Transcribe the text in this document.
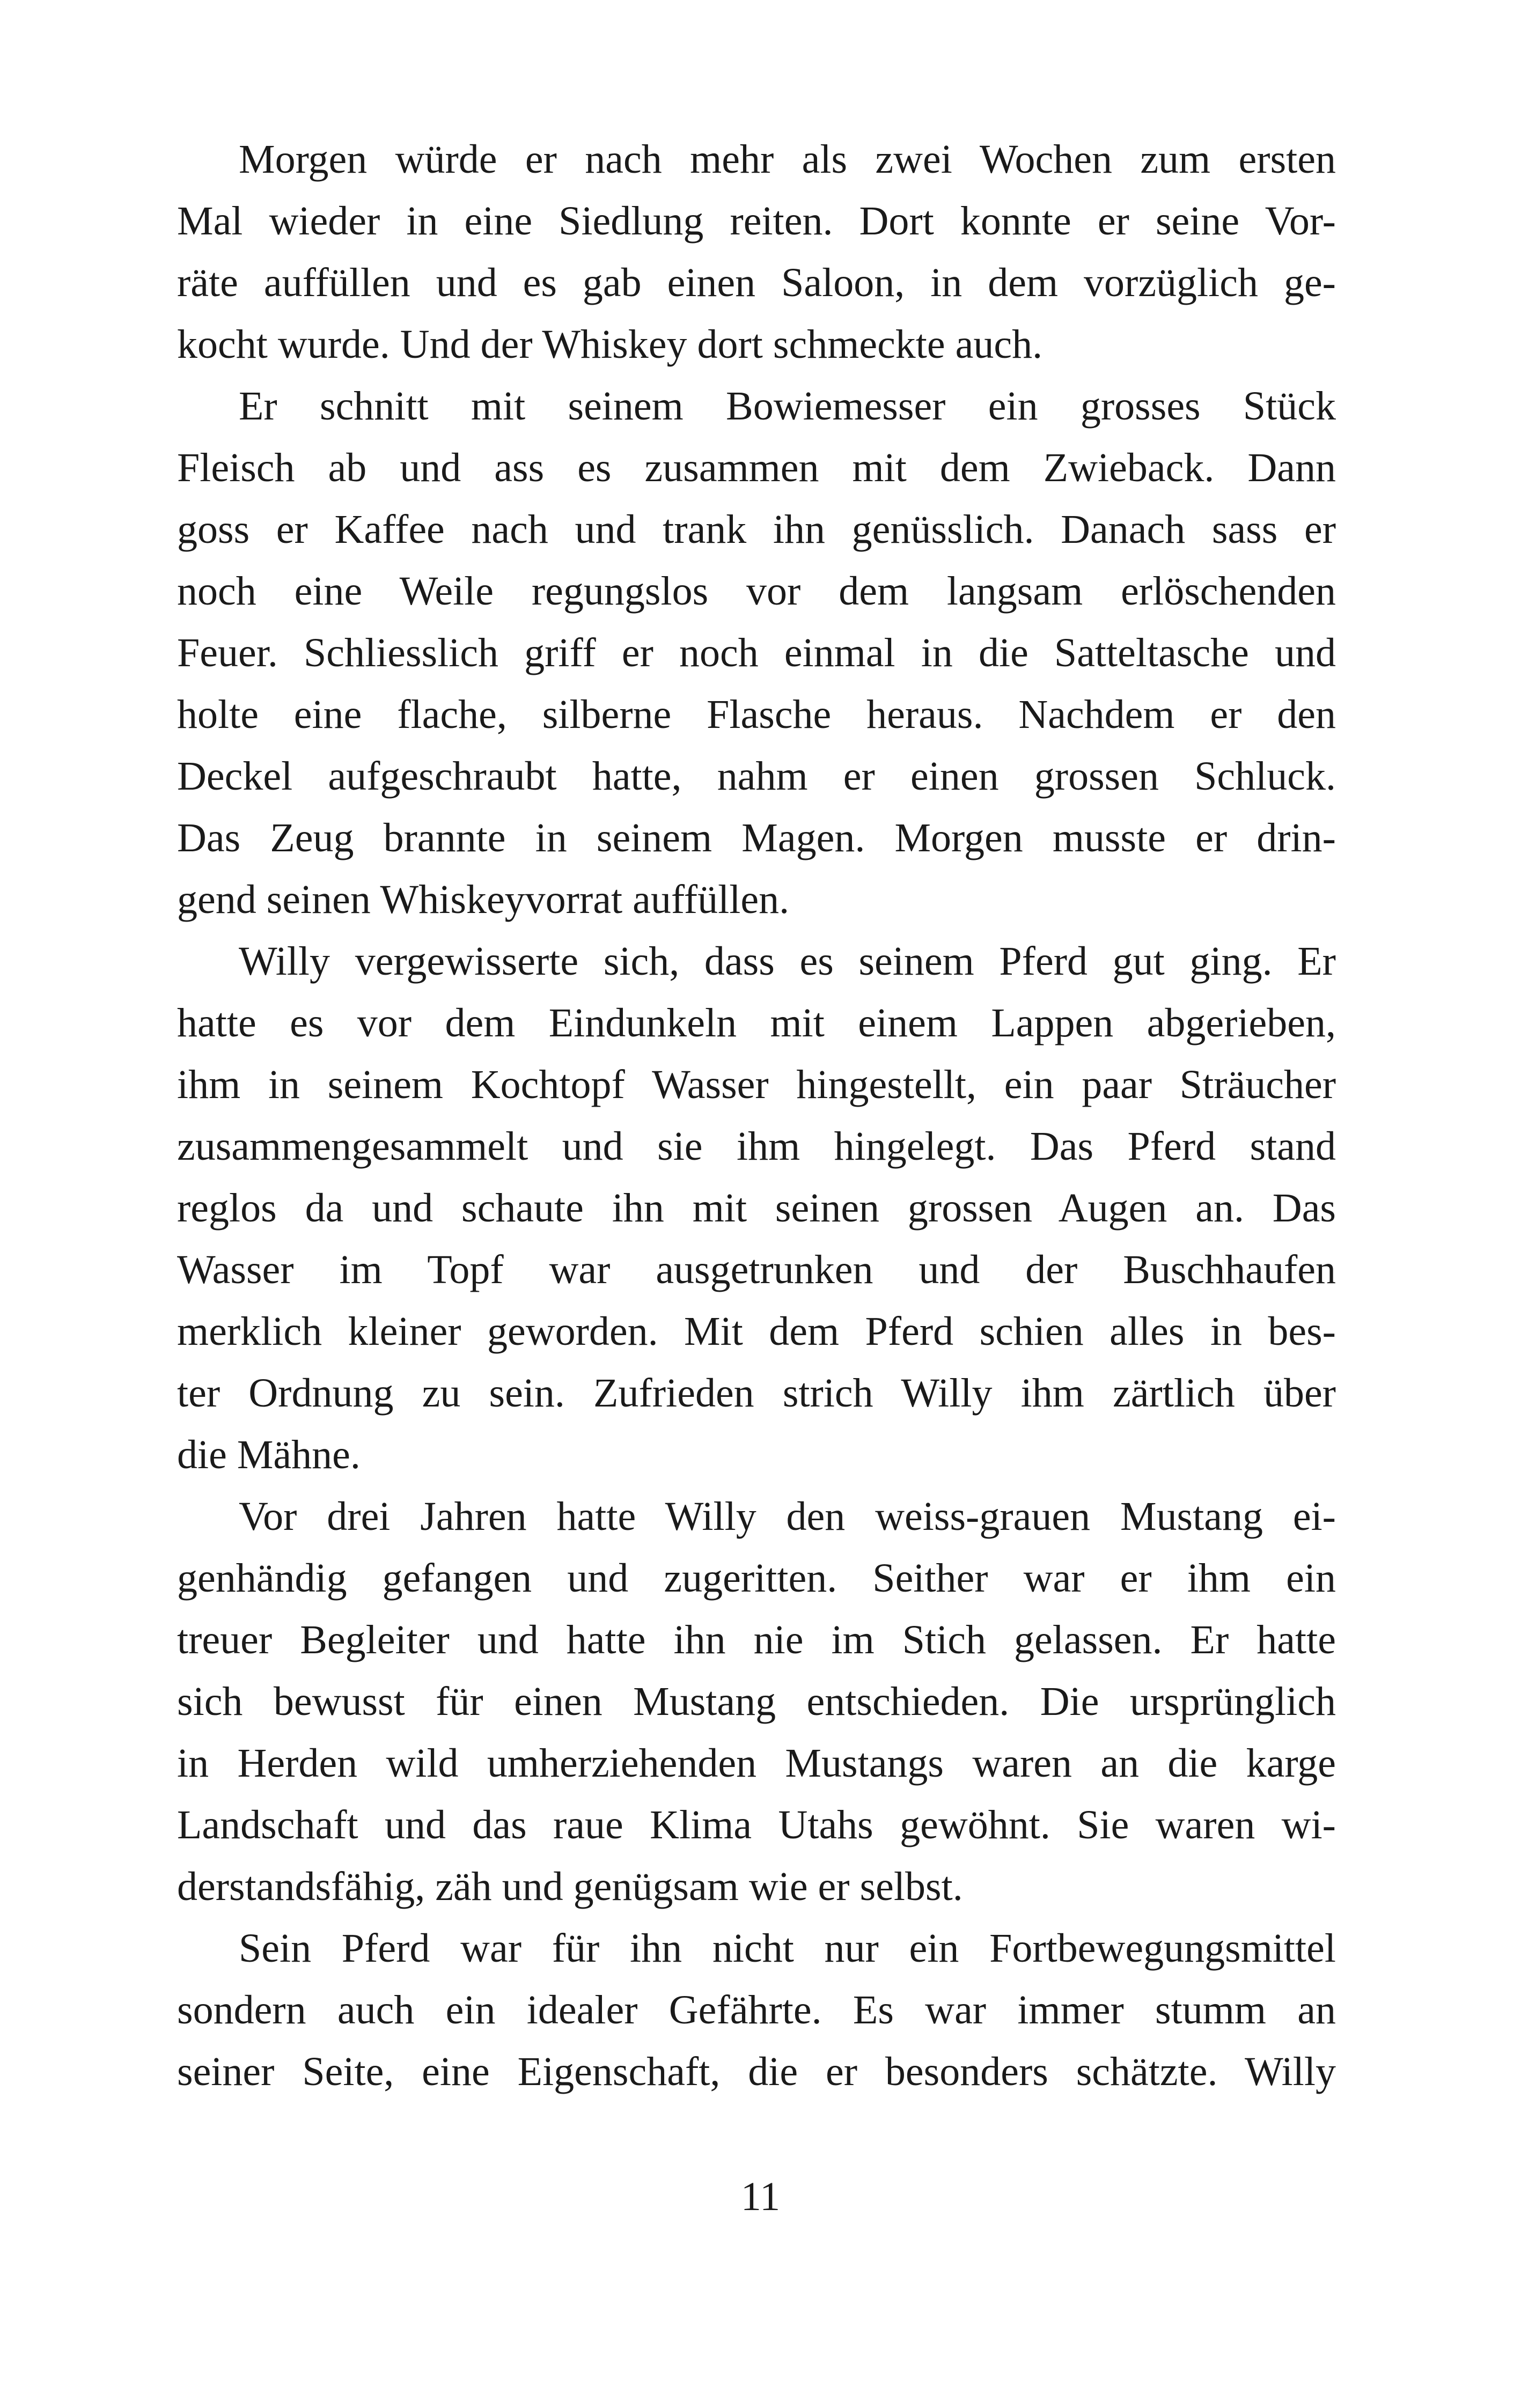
Morgen würde er nach mehr als zwei Wochen zum ersten
Mal wieder in eine Siedlung reiten. Dort konnte er seine Vor-
räte auffüllen und es gab einen Saloon, in dem vorzüglich ge-
kocht wurde. Und der Whiskey dort schmeckte auch.
Er schnitt mit seinem Bowiemesser ein grosses Stück
Fleisch ab und ass es zusammen mit dem Zwieback. Dann
goss er Kaffee nach und trank ihn genüsslich. Danach sass er
noch eine Weile regungslos vor dem langsam erlöschenden
Feuer. Schliesslich griff er noch einmal in die Satteltasche und
holte eine flache, silberne Flasche heraus. Nachdem er den
Deckel aufgeschraubt hatte, nahm er einen grossen Schluck.
Das Zeug brannte in seinem Magen. Morgen musste er drin-
gend seinen Whiskeyvorrat auffüllen.
Willy vergewisserte sich, dass es seinem Pferd gut ging. Er
hatte es vor dem Eindunkeln mit einem Lappen abgerieben,
ihm in seinem Kochtopf Wasser hingestellt, ein paar Sträucher
zusammengesammelt und sie ihm hingelegt. Das Pferd stand
reglos da und schaute ihn mit seinen grossen Augen an. Das
Wasser im Topf war ausgetrunken und der Buschhaufen
merklich kleiner geworden. Mit dem Pferd schien alles in bes-
ter Ordnung zu sein. Zufrieden strich Willy ihm zärtlich über
die Mähne.
Vor drei Jahren hatte Willy den weiss-grauen Mustang ei-
genhändig gefangen und zugeritten. Seither war er ihm ein
treuer Begleiter und hatte ihn nie im Stich gelassen. Er hatte
sich bewusst für einen Mustang entschieden. Die ursprünglich
in Herden wild umherziehenden Mustangs waren an die karge
Landschaft und das raue Klima Utahs gewöhnt. Sie waren wi-
derstandsfähig, zäh und genügsam wie er selbst.
Sein Pferd war für ihn nicht nur ein Fortbewegungsmittel
sondern auch ein idealer Gefährte. Es war immer stumm an
seiner Seite, eine Eigenschaft, die er besonders schätzte. Willy
11
